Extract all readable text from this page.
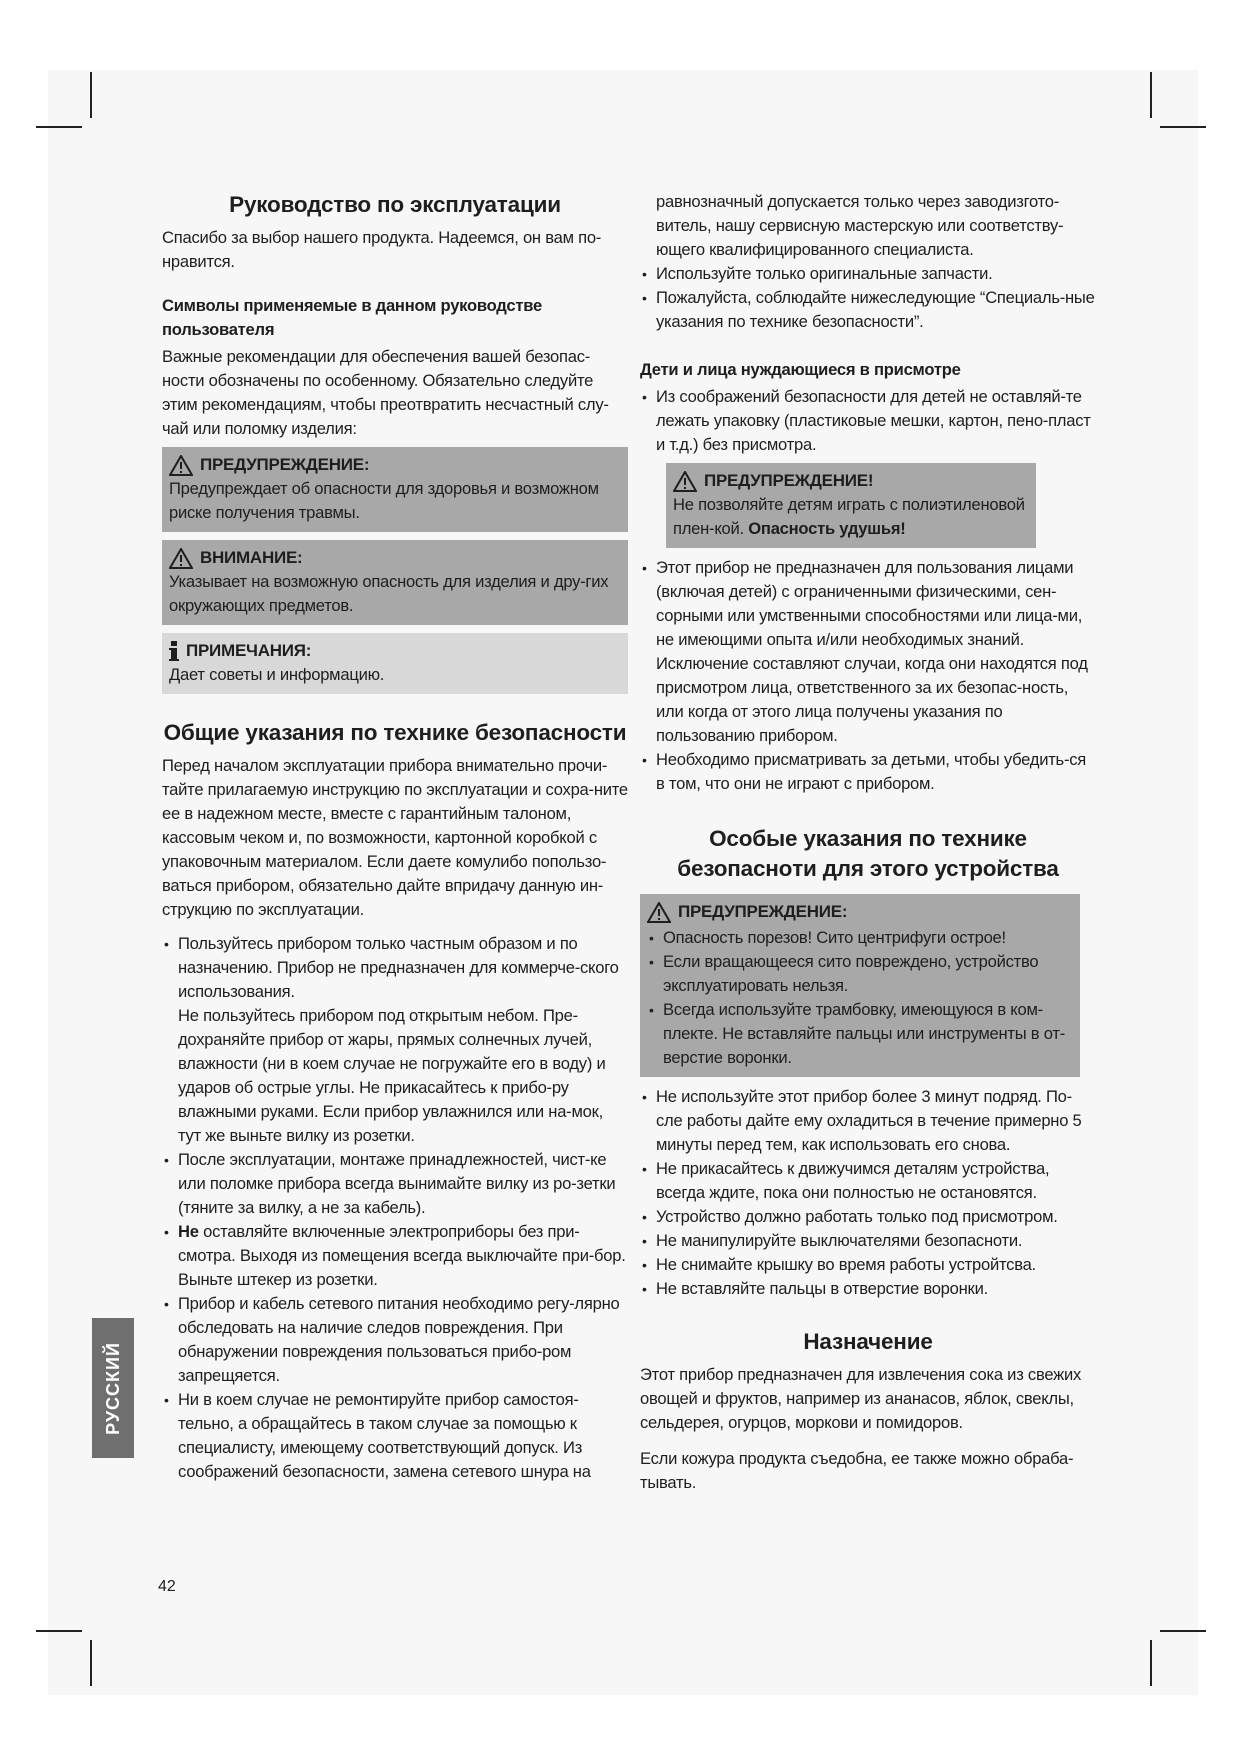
Руководство по эксплуатации

Спасибо за выбор нашего продукта. Надеемся, он вам по-нравится.

Символы применяемые в данном руководстве пользователя

Важные рекомендации для обеспечения вашей безопас-ности обозначены по особенному. Обязательно следуйте этим рекомендациям, чтобы преотвратить несчастный слу-чай или поломку изделия:

ПРЕДУПРЕЖДЕНИЕ:
Предупреждает об опасности для здоровья и возможном риске получения травмы.
ВНИМАНИЕ:
Указывает на возможную опасность для изделия и дру-гих окружающих предметов.
ПРИМЕЧАНИЯ:
Дает советы и информацию.
Общие указания по технике безопасности

Перед началом эксплуатации прибора внимательно прочи-тайте прилагаемую инструкцию по эксплуатации и сохра-ните ее в надежном месте, вместе с гарантийным талоном, кассовым чеком и, по возможности, картонной коробкой с упаковочным материалом. Если даете комулибо попользо-ваться прибором, обязательно дайте впридачу данную ин-струкцию по эксплуатации.

• Пользуйтесь прибором только частным образом и по назначению. Прибор не предназначен для коммерче-ского использования.
Не пользуйтесь прибором под открытым небом. Пре-дохраняйте прибор от жары, прямых солнечных лучей, влажности (ни в коем случае не погружайте его в воду) и ударов об острые углы. Не прикасайтесь к прибо-ру влажными руками. Если прибор увлажнился или на-мок, тут же выньте вилку из розетки.
• После эксплуатации, монтаже принадлежностей, чист-ке или поломке прибора всегда вынимайте вилку из ро-зетки (тяните за вилку, а не за кабель).
• Не оставляйте включенные электроприборы без при-смотра. Выходя из помещения всегда выключайте при-бор. Выньте штекер из розетки.
• Прибор и кабель сетевого питания необходимо регу-лярно обследовать на наличие следов повреждения. При обнаружении повреждения пользоваться прибо-ром запрещяется.
• Ни в коем случае не ремонтируйте прибор самостоя-тельно, а обращайтесь в таком случае за помощью к специалисту, имеющему соответствующий допуск. Из соображений безопасности, замена сетевого шнура на

равнозначный допускается только через заводизгото-витель, нашу сервисную мастерскую или соответству-ющего квалифицированного специалиста.

• Используйте только оригинальные запчасти.
• Пожалуйста, соблюдайте нижеследующие “Специаль-ные указания по технике безопасности”.
Дети и лица нуждающиеся в присмотре
• Из соображений безопасности для детей не оставляй-те лежать упаковку (пластиковые мешки, картон, пено-пласт и т.д.) без присмотра.
ПРЕДУПРЕЖДЕНИЕ!
Не позволяйте детям играть с полиэтиленовой плен-кой. Опасность удушья!
• Этот прибор не предназначен для пользования лицами (включая детей) с ограниченными физическими, сен-сорными или умственными способностями или лица-ми, не имеющими опыта и/или необходимых знаний. Исключение составляют случаи, когда они находятся под присмотром лица, ответственного за их безопас-ность, или когда от этого лица получены указания по пользованию прибором.
• Необходимо присматривать за детьми, чтобы убедить-ся в том, что они не играют с прибором.
Особые указания по технике безопаснoти для этого устройства
ПРЕДУПРЕЖДЕНИЕ:
• Опасность порезов! Сито центрифуги острое!
• Если вращающееся сито повреждено, устройство эксплуатировать нельзя.
• Всегда используйте трамбовку, имеющуюся в ком-плекте. Не вставляйте пальцы или инструменты в от-верстие воронки.
• Не используйте этот прибор более 3 минут подряд. По-сле работы дайте ему охладиться в течение примерно 5 минуты перед тем, как использовать его снова.
• Не прикасайтесь к движучимся деталям устройства, всегда ждите, пока они полностью не остановятся.
• Устройство должно работать только под присмотром.
• Не манипулируйте выключателями безопасноти.
• Не снимайте крышку во время работы устройтсва.
• Не вставляйте пальцы в отверстие воронки.
Назначение

Этот прибор предназначен для извлечения сока из свежих овощей и фруктов, например из ананасов, яблок, свеклы, сельдерея, огурцов, моркови и помидоров.

Если кожура продукта съедобна, ее также можно обраба-тывать.

РУССКИЙ
42
